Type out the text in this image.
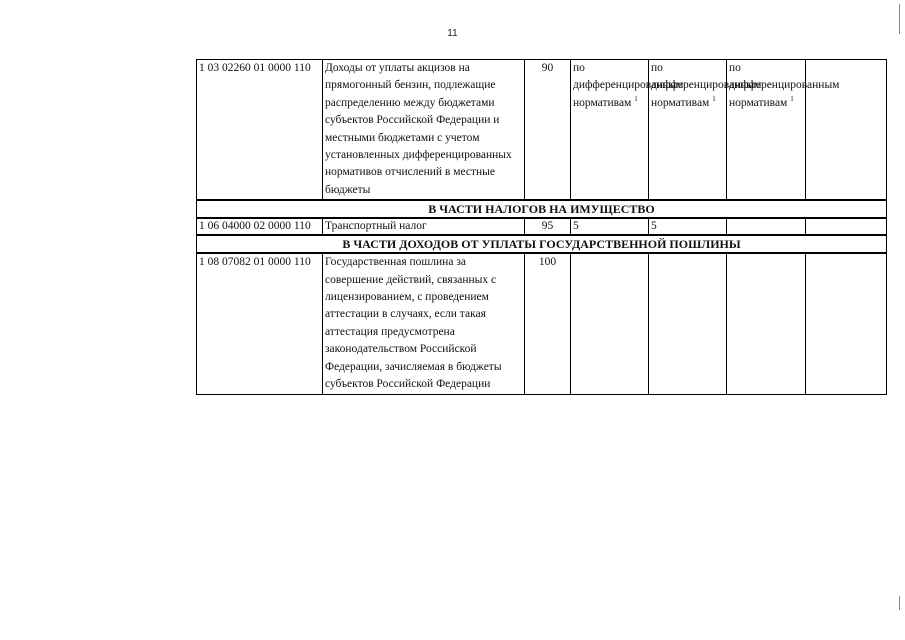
11
1 03 02260 01 0000 110	Доходы от уплаты акцизов на прямогонный бензин, подлежащие распределению между бюджетами субъектов Российской Федерации и местными бюджетами с учетом установленных дифференцированных нормативов отчислений в местные бюджеты	90	по дифференцированным нормативам $^1$	по дифференцированным нормативам $^1$	по дифференцированным нормативам $^1$	
В ЧАСТИ НАЛОГОВ НА ИМУЩЕСТВО						
1 06 04000 02 0000 110	Транспортный налог	95	5	5		
В ЧАСТИ ДОХОДОВ ОТ УПЛАТЫ ГОСУДАРСТВЕННОЙ ПОШЛИНЫ						
1 08 07082 01 0000 110	Государственная пошлина за совершение действий, связанных с лицензированием, с проведением аттестации в случаях, если такая аттестация предусмотрена законодательством Российской Федерации, зачисляемая в бюджеты субъектов Российской Федерации	100				
